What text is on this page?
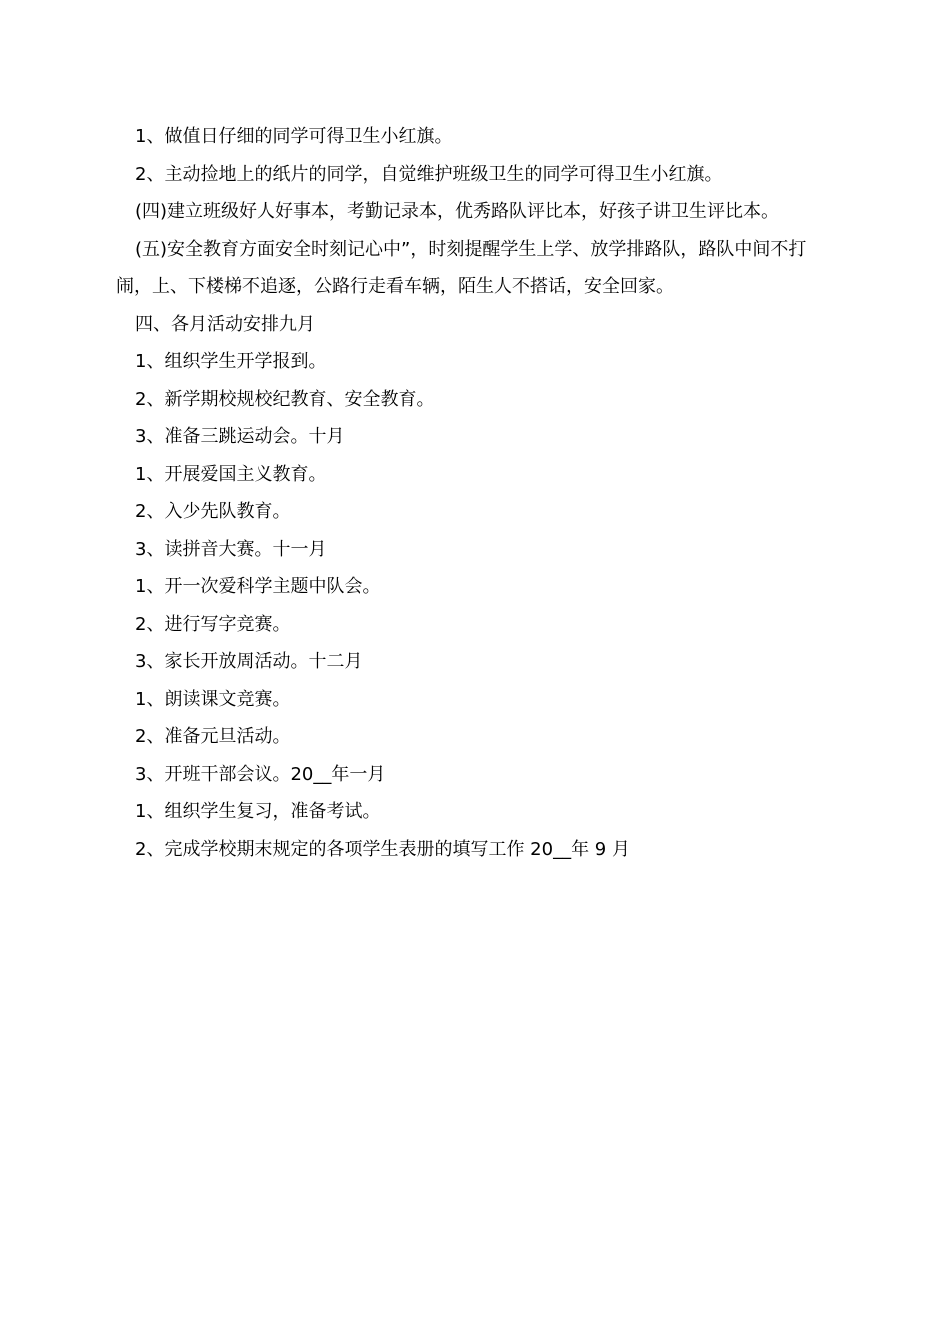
1、做值日仔细的同学可得卫生小红旗。

2、主动捡地上的纸片的同学，自觉维护班级卫生的同学可得卫生小红旗。

(四)建立班级好人好事本，考勤记录本，优秀路队评比本，好孩子讲卫生评比本。

(五)安全教育方面安全时刻记心中”，时刻提醒学生上学、放学排路队，路队中间不打闹，上、下楼梯不追逐，公路行走看车辆，陌生人不搭话，安全回家。

四、各月活动安排九月

1、组织学生开学报到。

2、新学期校规校纪教育、安全教育。

3、准备三跳运动会。十月

1、开展爱国主义教育。

2、入少先队教育。

3、读拼音大赛。十一月

1、开一次爱科学主题中队会。

2、进行写字竞赛。

3、家长开放周活动。十二月

1、朗读课文竞赛。

2、准备元旦活动。

3、开班干部会议。20__年一月

1、组织学生复习，准备考试。

2、完成学校期末规定的各项学生表册的填写工作 20__年 9 月
